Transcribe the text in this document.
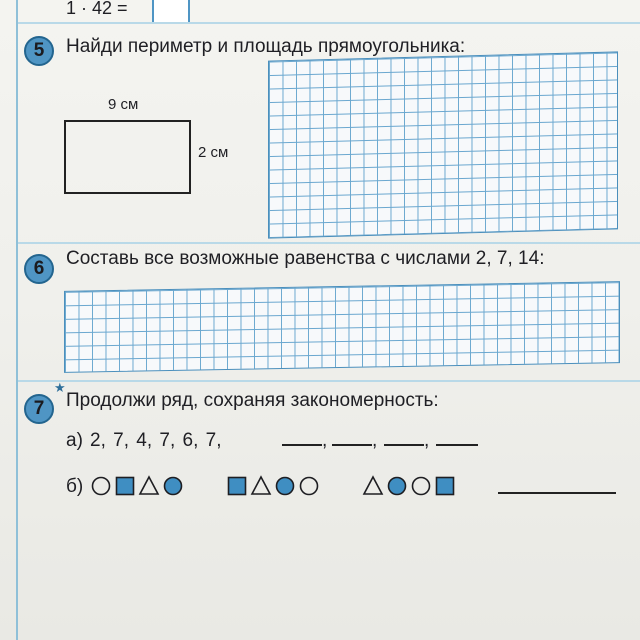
1 · 42 =
5	Найди периметр и площадь прямоугольника:
9 см
2 см
6	Составь все возможные равенства с числами 2, 7, 14:
★
7	Продолжи ряд, сохраняя закономерность:
а) 2, 7, 4, 7, 6, 7,	, , ,
б)
